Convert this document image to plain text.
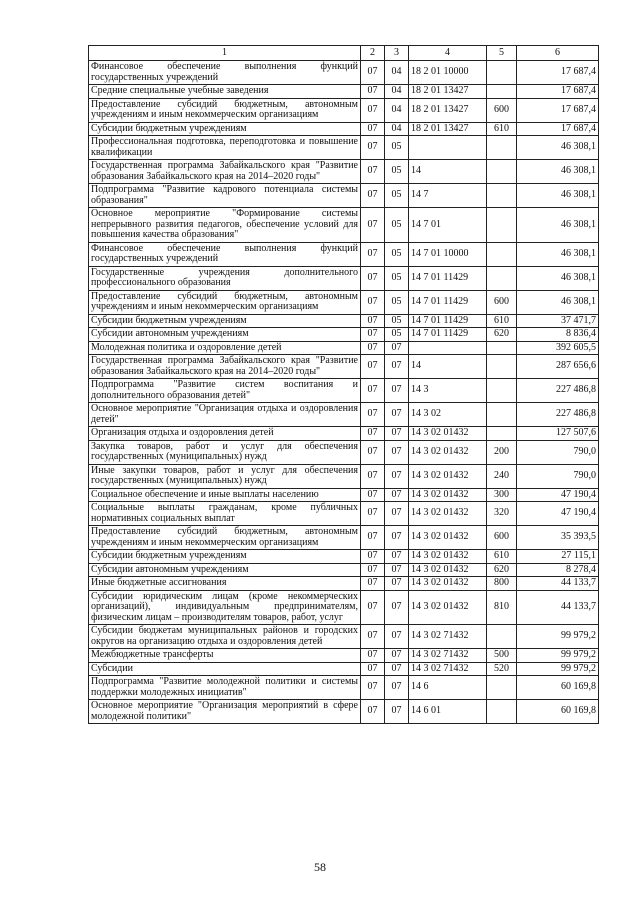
1	2	3	4	5	6
Финансовое обеспечение выполнения функций государственных учреждений	07	04	18 2 01 10000		17 687,4
Средние специальные учебные заведения	07	04	18 2 01 13427		17 687,4
Предоставление субсидий бюджетным, автономным учреждениям и иным некоммерческим организациям	07	04	18 2 01 13427	600	17 687,4
Субсидии бюджетным учреждениям	07	04	18 2 01 13427	610	17 687,4
Профессиональная подготовка, переподготовка и повышение квалификации	07	05			46 308,1
Государственная программа Забайкальского края "Развитие образования Забайкальского края на 2014–2020 годы"	07	05	14		46 308,1
Подпрограмма "Развитие кадрового потенциала системы образования"	07	05	14 7		46 308,1
Основное мероприятие "Формирование системы непрерывного развития педагогов, обеспечение условий для повышения качества образования"	07	05	14 7 01		46 308,1
Финансовое обеспечение выполнения функций государственных учреждений	07	05	14 7 01 10000		46 308,1
Государственные учреждения дополнительного профессионального образования	07	05	14 7 01 11429		46 308,1
Предоставление субсидий бюджетным, автономным учреждениям и иным некоммерческим организациям	07	05	14 7 01 11429	600	46 308,1
Субсидии бюджетным учреждениям	07	05	14 7 01 11429	610	37 471,7
Субсидии автономным учреждениям	07	05	14 7 01 11429	620	8 836,4
Молодежная политика и оздоровление детей	07	07			392 605,5
Государственная программа Забайкальского края "Развитие образования Забайкальского края на 2014–2020 годы"	07	07	14		287 656,6
Подпрограмма "Развитие систем воспитания и дополнительного образования детей"	07	07	14 3		227 486,8
Основное мероприятие "Организация отдыха и оздоровления детей"	07	07	14 3 02		227 486,8
Организация отдыха и оздоровления детей	07	07	14 3 02 01432		127 507,6
Закупка товаров, работ и услуг для обеспечения государственных (муниципальных) нужд	07	07	14 3 02 01432	200	790,0
Иные закупки товаров, работ и услуг для обеспечения государственных (муниципальных) нужд	07	07	14 3 02 01432	240	790,0
Социальное обеспечение и иные выплаты населению	07	07	14 3 02 01432	300	47 190,4
Социальные выплаты гражданам, кроме публичных нормативных социальных выплат	07	07	14 3 02 01432	320	47 190,4
Предоставление субсидий бюджетным, автономным учреждениям и иным некоммерческим организациям	07	07	14 3 02 01432	600	35 393,5
Субсидии бюджетным учреждениям	07	07	14 3 02 01432	610	27 115,1
Субсидии автономным учреждениям	07	07	14 3 02 01432	620	8 278,4
Иные бюджетные ассигнования	07	07	14 3 02 01432	800	44 133,7
Субсидии юридическим лицам (кроме некоммерческих организаций), индивидуальным предпринимателям, физическим лицам – производителям товаров, работ, услуг	07	07	14 3 02 01432	810	44 133,7
Субсидии бюджетам муниципальных районов и городских округов на организацию отдыха и оздоровления детей	07	07	14 3 02 71432		99 979,2
Межбюджетные трансферты	07	07	14 3 02 71432	500	99 979,2
Субсидии	07	07	14 3 02 71432	520	99 979,2
Подпрограмма "Развитие молодежной политики и системы поддержки молодежных инициатив"	07	07	14 6		60 169,8
Основное мероприятие "Организация мероприятий в сфере молодежной политики"	07	07	14 6 01		60 169,8
58
